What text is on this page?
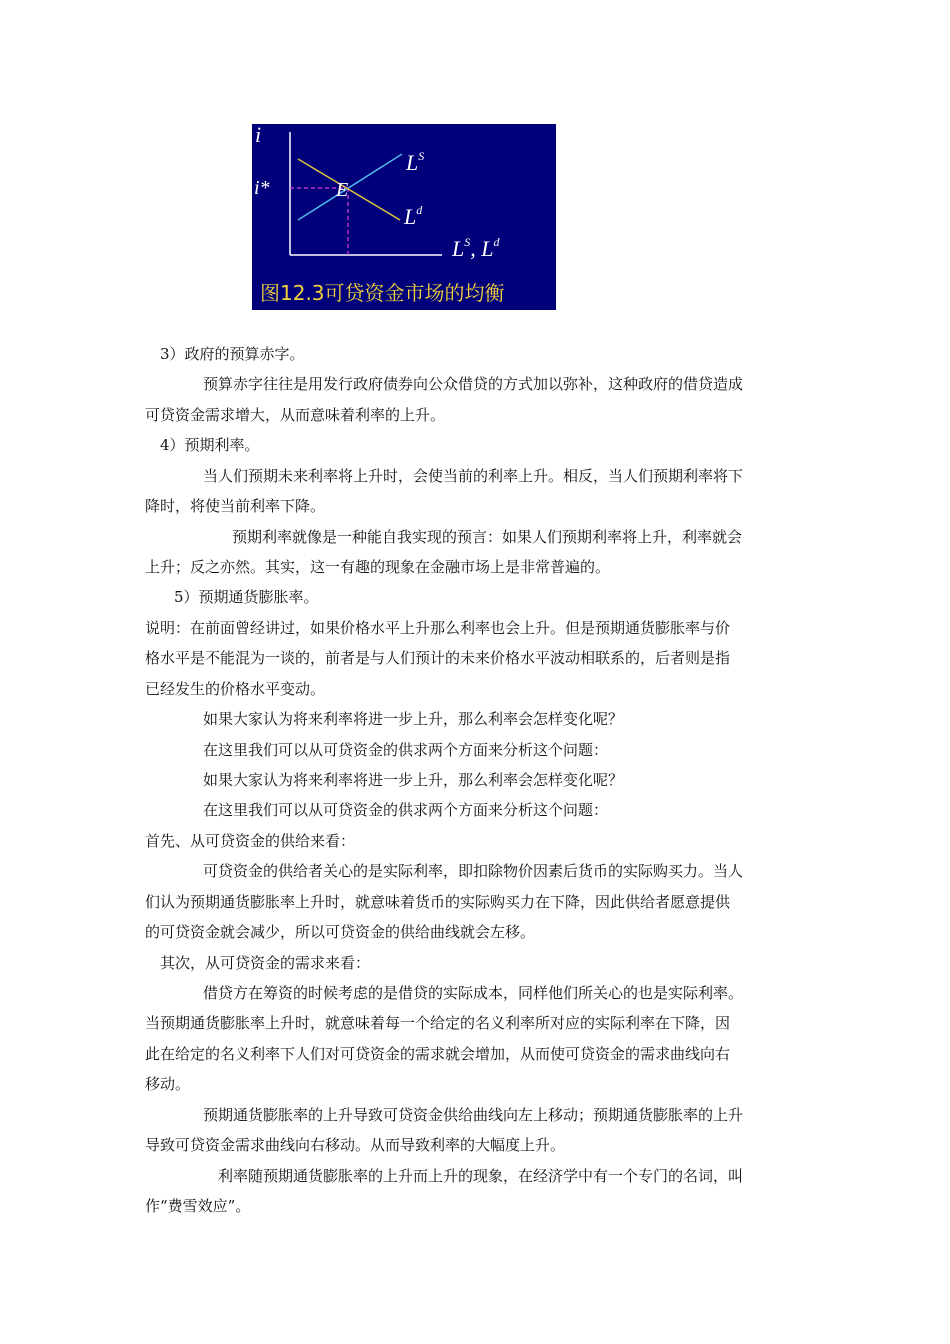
i
i*	E
$L^S$
$L^d$
$L^S$, $L^d$
图12.3可贷资金市场的均衡
3）政府的预算赤字。
预算赤字往往是用发行政府债券向公众借贷的方式加以弥补，这种政府的借贷造成
可贷资金需求增大，从而意味着利率的上升。
4）预期利率。
当人们预期未来利率将上升时，会使当前的利率上升。相反，当人们预期利率将下
降时，将使当前利率下降。
预期利率就像是一种能自我实现的预言：如果人们预期利率将上升，利率就会
上升；反之亦然。其实，这一有趣的现象在金融市场上是非常普遍的。
5）预期通货膨胀率。
说明：在前面曾经讲过，如果价格水平上升那么利率也会上升。但是预期通货膨胀率与价
格水平是不能混为一谈的，前者是与人们预计的未来价格水平波动相联系的，后者则是指
已经发生的价格水平变动。
如果大家认为将来利率将进一步上升，那么利率会怎样变化呢？
在这里我们可以从可贷资金的供求两个方面来分析这个问题：
如果大家认为将来利率将进一步上升，那么利率会怎样变化呢？
在这里我们可以从可贷资金的供求两个方面来分析这个问题：
首先、从可贷资金的供给来看：
可贷资金的供给者关心的是实际利率，即扣除物价因素后货币的实际购买力。当人
们认为预期通货膨胀率上升时，就意味着货币的实际购买力在下降，因此供给者愿意提供
的可贷资金就会减少，所以可贷资金的供给曲线就会左移。
其次，从可贷资金的需求来看：
借贷方在筹资的时候考虑的是借贷的实际成本，同样他们所关心的也是实际利率。
当预期通货膨胀率上升时，就意味着每一个给定的名义利率所对应的实际利率在下降，因
此在给定的名义利率下人们对可贷资金的需求就会增加，从而使可贷资金的需求曲线向右
移动。
预期通货膨胀率的上升导致可贷资金供给曲线向左上移动；预期通货膨胀率的上升
导致可贷资金需求曲线向右移动。从而导致利率的大幅度上升。
利率随预期通货膨胀率的上升而上升的现象，在经济学中有一个专门的名词，叫
作“费雪效应”。
